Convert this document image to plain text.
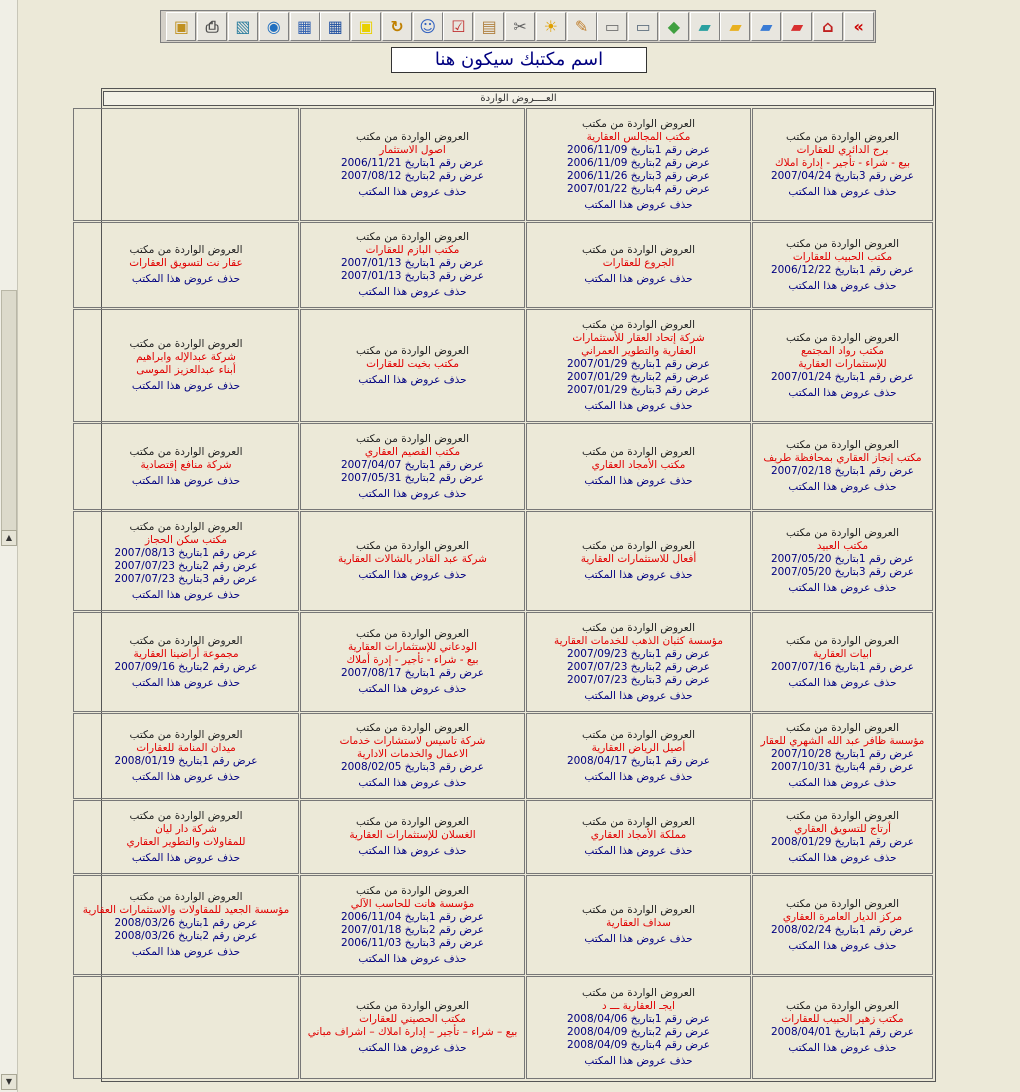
▲
▼
«
⌂
▰
▰
▰
▰
◆
▭
▭
✎
☀
✂
▤
☑
☺
↻
▣
▦
▦
◉
▧
⎙
▣
اسم مكتبك سيكون هنا
العــــروض الواردة
العروض الواردة من مكتب
برج الدائري للعقارات
بيع - شراء - تأجير - إدارة املاك
عرض رقم 3بتاريخ 2007/04/24
حذف عروض هذا المكتب
العروض الواردة من مكتب
مكتب المجالس العقارية
عرض رقم 1بتاريخ 2006/11/09
عرض رقم 2بتاريخ 2006/11/09
عرض رقم 3بتاريخ 2006/11/26
عرض رقم 4بتاريخ 2007/01/22
حذف عروض هذا المكتب
العروض الواردة من مكتب
اصول الاستثمار
عرض رقم 1بتاريخ 2006/11/21
عرض رقم 2بتاريخ 2007/08/12
حذف عروض هذا المكتب
العروض الواردة من مكتب
مكتب الحبيب للعقارات
عرض رقم 1بتاريخ 2006/12/22
حذف عروض هذا المكتب
العروض الواردة من مكتب
الجروع للعقارات
حذف عروض هذا المكتب
العروض الواردة من مكتب
مكتب البازم للعقارات
عرض رقم 1بتاريخ 2007/01/13
عرض رقم 3بتاريخ 2007/01/13
حذف عروض هذا المكتب
العروض الواردة من مكتب
عقار نت لتسويق العقارات
حذف عروض هذا المكتب
العروض الواردة من مكتب
مكتب رواد المجتمع
للإستثمارات العقارية
عرض رقم 1بتاريخ 2007/01/24
حذف عروض هذا المكتب
العروض الواردة من مكتب
شركة إتحاد العقار للأستثمارات
العقارية والتطوير العمراني
عرض رقم 1بتاريخ 2007/01/29
عرض رقم 2بتاريخ 2007/01/29
عرض رقم 3بتاريخ 2007/01/29
حذف عروض هذا المكتب
العروض الواردة من مكتب
مكتب بخيت للعقارات
حذف عروض هذا المكتب
العروض الواردة من مكتب
شركة عبدالإله وابراهيم
أبناء عبدالعزيز الموسى
حذف عروض هذا المكتب
العروض الواردة من مكتب
مكتب إنجاز العقاري بمحافظة طريف
عرض رقم 1بتاريخ 2007/02/18
حذف عروض هذا المكتب
العروض الواردة من مكتب
مكتب الأمجاد العقاري
حذف عروض هذا المكتب
العروض الواردة من مكتب
مكتب القصيم العقاري
عرض رقم 1بتاريخ 2007/04/07
عرض رقم 2بتاريخ 2007/05/31
حذف عروض هذا المكتب
العروض الواردة من مكتب
شركة منافع إقتصادية
حذف عروض هذا المكتب
العروض الواردة من مكتب
مكتب العبيد
عرض رقم 1بتاريخ 2007/05/20
عرض رقم 3بتاريخ 2007/05/20
حذف عروض هذا المكتب
العروض الواردة من مكتب
أفعال للاستثمارات العقارية
حذف عروض هذا المكتب
العروض الواردة من مكتب
شركة عبد القادر بالشالات العقارية
حذف عروض هذا المكتب
العروض الواردة من مكتب
مكتب سكن الحجاز
عرض رقم 1بتاريخ 2007/08/13
عرض رقم 2بتاريخ 2007/07/23
عرض رقم 3بتاريخ 2007/07/23
حذف عروض هذا المكتب
العروض الواردة من مكتب
ابيات العقارية
عرض رقم 1بتاريخ 2007/07/16
حذف عروض هذا المكتب
العروض الواردة من مكتب
مؤسسة كثبان الذهب للخدمات العقارية
عرض رقم 1بتاريخ 2007/09/23
عرض رقم 2بتاريخ 2007/07/23
عرض رقم 3بتاريخ 2007/07/23
حذف عروض هذا المكتب
العروض الواردة من مكتب
الودعاني للإستثمارات العقارية
بيع - شراء - تأجير - إدرة أملاك
عرض رقم 1بتاريخ 2007/08/17
حذف عروض هذا المكتب
العروض الواردة من مكتب
مجموعة أراضينا العقارية
عرض رقم 2بتاريخ 2007/09/16
حذف عروض هذا المكتب
العروض الواردة من مكتب
مؤسسة ظافر عبد الله الشهري للعقار
عرض رقم 1بتاريخ 2007/10/28
عرض رقم 4بتاريخ 2007/10/31
حذف عروض هذا المكتب
العروض الواردة من مكتب
أصيل الرياض العقارية
عرض رقم 1بتاريخ 2008/04/17
حذف عروض هذا المكتب
العروض الواردة من مكتب
شركة تاسيس لاستشارات خدمات
الاعمال والخدمات الادارية
عرض رقم 3بتاريخ 2008/02/05
حذف عروض هذا المكتب
العروض الواردة من مكتب
ميدان المنامة للعقارات
عرض رقم 1بتاريخ 2008/01/19
حذف عروض هذا المكتب
العروض الواردة من مكتب
أرتاج للتسويق العقاري
عرض رقم 1بتاريخ 2008/01/29
حذف عروض هذا المكتب
العروض الواردة من مكتب
مملكة الأمجاد العقاري
حذف عروض هذا المكتب
العروض الواردة من مكتب
الغسلان للإستثمارات العقارية
حذف عروض هذا المكتب
العروض الواردة من مكتب
شركة دار ليان
للمقاولات والتطوير العقاري
حذف عروض هذا المكتب
العروض الواردة من مكتب
مركز الديار العامرة العقاري
عرض رقم 1بتاريخ 2008/02/24
حذف عروض هذا المكتب
العروض الواردة من مكتب
سداف العقارية
حذف عروض هذا المكتب
العروض الواردة من مكتب
مؤسسة هانت للحاسب الآلي
عرض رقم 1بتاريخ 2006/11/04
عرض رقم 2بتاريخ 2007/01/18
عرض رقم 3بتاريخ 2006/11/03
حذف عروض هذا المكتب
العروض الواردة من مكتب
مؤسسة الجعيد للمقاولات والاستثمارات العقارية
عرض رقم 1بتاريخ 2008/03/26
عرض رقم 2بتاريخ 2008/03/26
حذف عروض هذا المكتب
العروض الواردة من مكتب
مكتب زهير الحبيب للعقارات
عرض رقم 1بتاريخ 2008/04/01
حذف عروض هذا المكتب
العروض الواردة من مكتب
ايجـ العقارية ـــ د
عرض رقم 1بتاريخ 2008/04/06
عرض رقم 2بتاريخ 2008/04/09
عرض رقم 4بتاريخ 2008/04/09
حذف عروض هذا المكتب
العروض الواردة من مكتب
مكتب الحصيني للعقارات
بيع – شراء – تأجير – إدارة املاك – اشراف مباني
حذف عروض هذا المكتب
